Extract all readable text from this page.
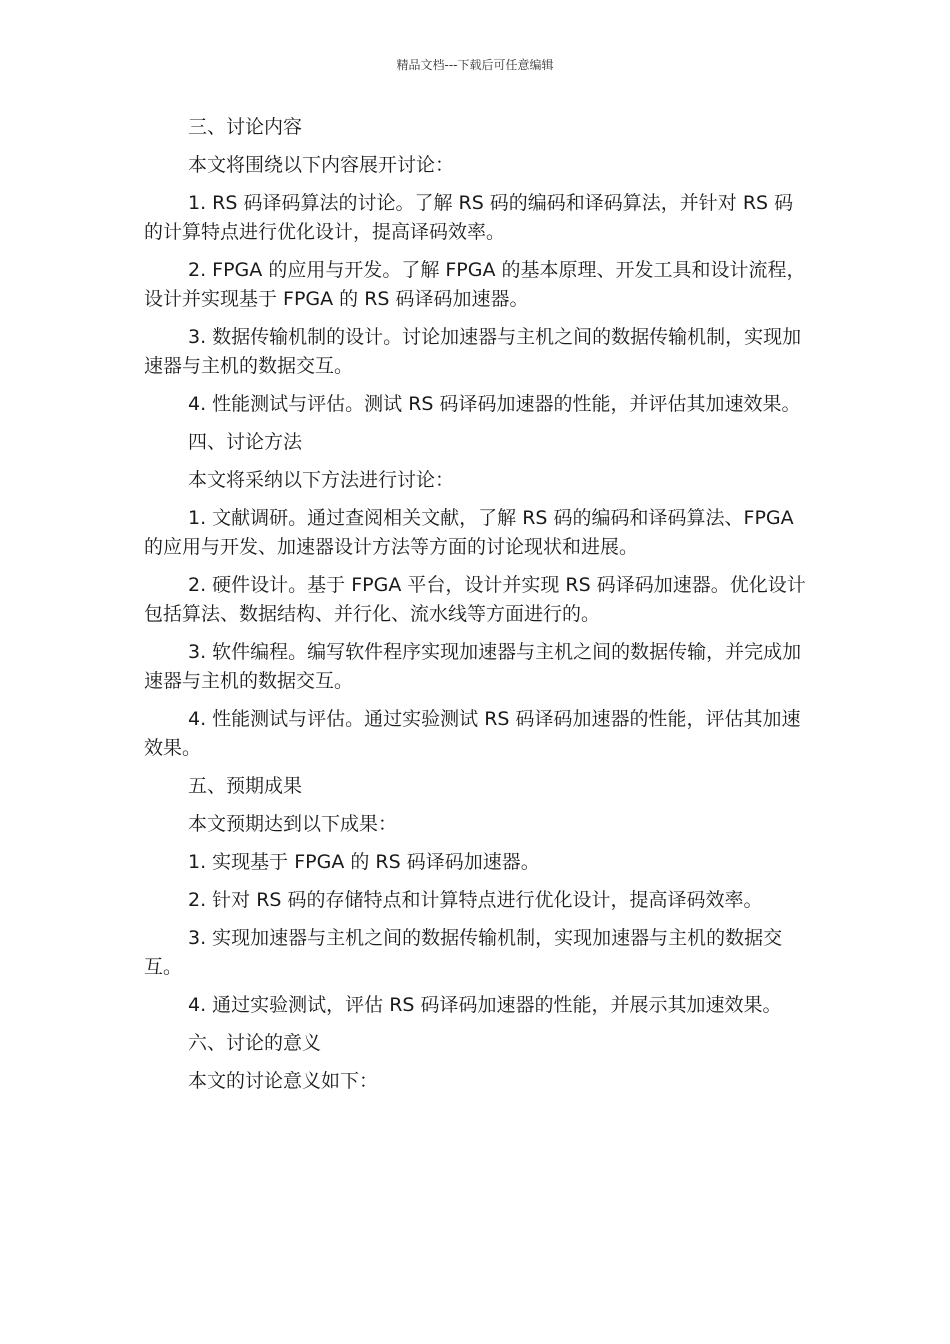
精品文档---下载后可任意编辑

三、讨论内容

本文将围绕以下内容展开讨论：

1. RS 码译码算法的讨论。了解 RS 码的编码和译码算法，并针对 RS 码的计算特点进行优化设计，提高译码效率。

2. FPGA 的应用与开发。了解 FPGA 的基本原理、开发工具和设计流程，设计并实现基于 FPGA 的 RS 码译码加速器。

3. 数据传输机制的设计。讨论加速器与主机之间的数据传输机制，实现加速器与主机的数据交互。

4. 性能测试与评估。测试 RS 码译码加速器的性能，并评估其加速效果。

四、讨论方法

本文将采纳以下方法进行讨论：

1. 文献调研。通过查阅相关文献，了解 RS 码的编码和译码算法、FPGA 的应用与开发、加速器设计方法等方面的讨论现状和进展。

2. 硬件设计。基于 FPGA 平台，设计并实现 RS 码译码加速器。优化设计包括算法、数据结构、并行化、流水线等方面进行的。

3. 软件编程。编写软件程序实现加速器与主机之间的数据传输，并完成加速器与主机的数据交互。

4. 性能测试与评估。通过实验测试 RS 码译码加速器的性能，评估其加速效果。

五、预期成果

本文预期达到以下成果：

1. 实现基于 FPGA 的 RS 码译码加速器。

2. 针对 RS 码的存储特点和计算特点进行优化设计，提高译码效率。

3. 实现加速器与主机之间的数据传输机制，实现加速器与主机的数据交互。

4. 通过实验测试，评估 RS 码译码加速器的性能，并展示其加速效果。

六、讨论的意义

本文的讨论意义如下：
